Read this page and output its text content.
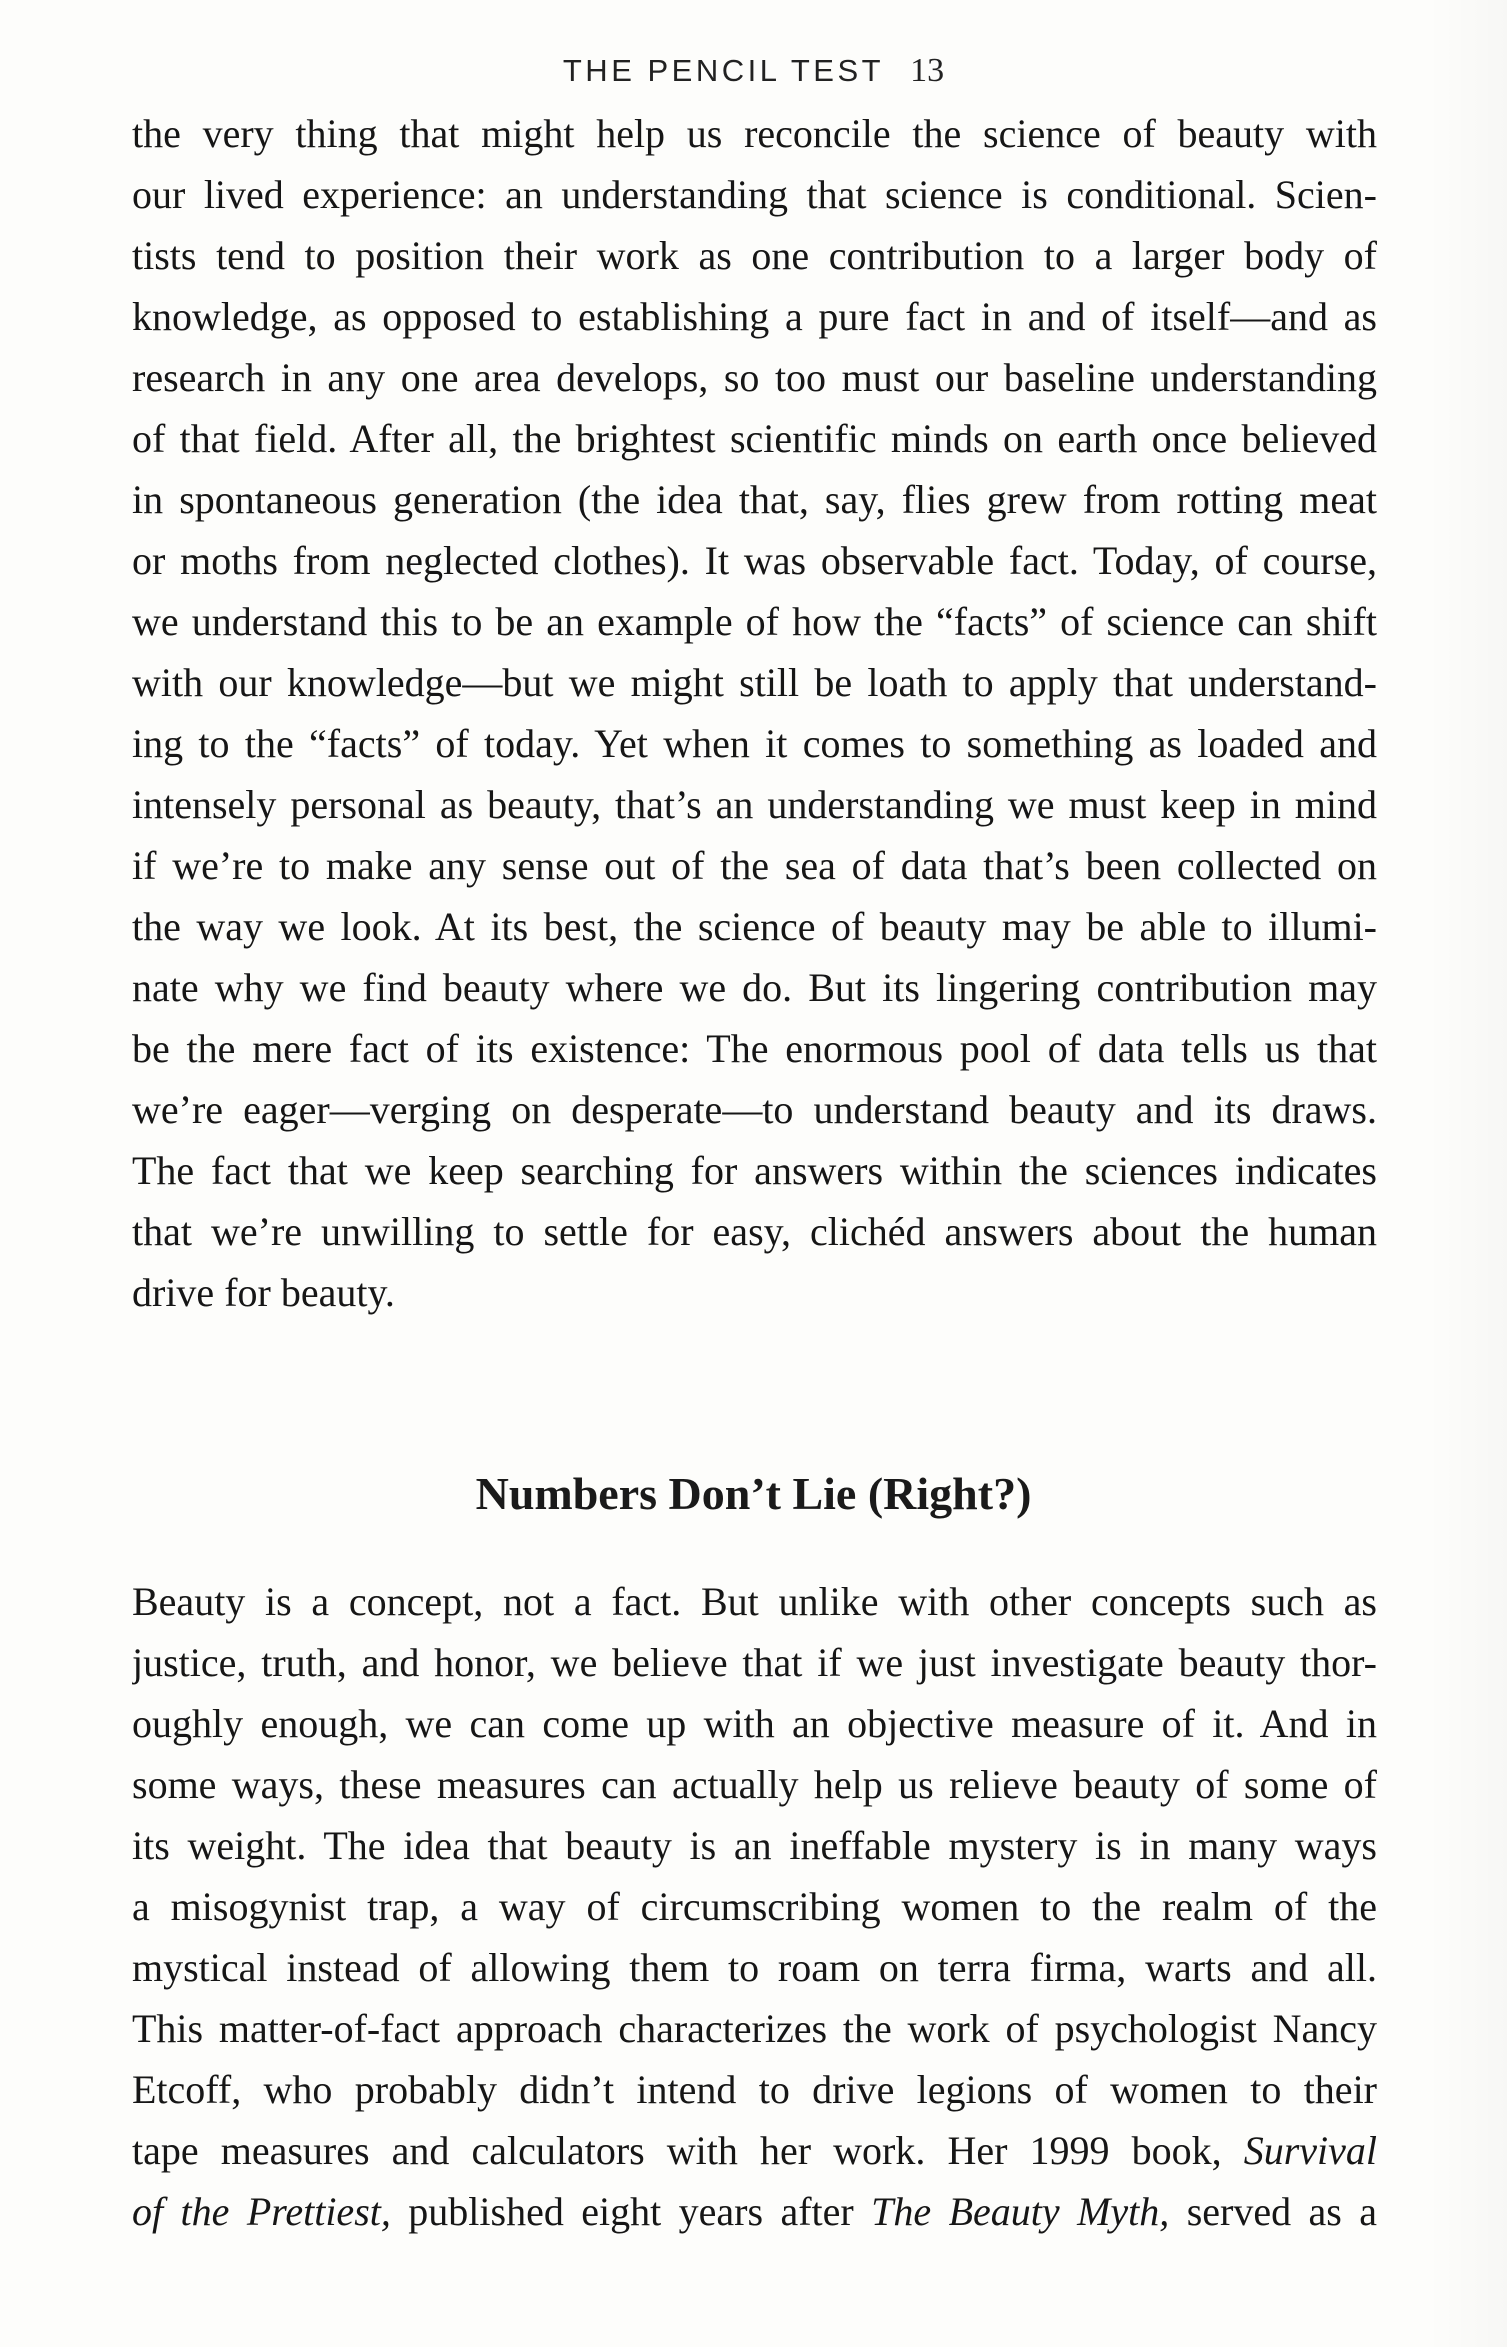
THE PENCIL TEST 13
the very thing that might help us reconcile the science of beauty with
our lived experience: an understanding that science is conditional. Scien-
tists tend to position their work as one contribution to a larger body of
knowledge, as opposed to establishing a pure fact in and of itself—and as
research in any one area develops, so too must our baseline understanding
of that field. After all, the brightest scientific minds on earth once believed
in spontaneous generation (the idea that, say, flies grew from rotting meat
or moths from neglected clothes). It was observable fact. Today, of course,
we understand this to be an example of how the “facts” of science can shift
with our knowledge—but we might still be loath to apply that understand-
ing to the “facts” of today. Yet when it comes to something as loaded and
intensely personal as beauty, that’s an understanding we must keep in mind
if we’re to make any sense out of the sea of data that’s been collected on
the way we look. At its best, the science of beauty may be able to illumi-
nate why we find beauty where we do. But its lingering contribution may
be the mere fact of its existence: The enormous pool of data tells us that
we’re eager—verging on desperate—to understand beauty and its draws.
The fact that we keep searching for answers within the sciences indicates
that we’re unwilling to settle for easy, clichéd answers about the human
drive for beauty.
Numbers Don’t Lie (Right?)
Beauty is a concept, not a fact. But unlike with other concepts such as
justice, truth, and honor, we believe that if we just investigate beauty thor-
oughly enough, we can come up with an objective measure of it. And in
some ways, these measures can actually help us relieve beauty of some of
its weight. The idea that beauty is an ineffable mystery is in many ways
a misogynist trap, a way of circumscribing women to the realm of the
mystical instead of allowing them to roam on terra firma, warts and all.
This matter-of-fact approach characterizes the work of psychologist Nancy
Etcoff, who probably didn’t intend to drive legions of women to their
tape measures and calculators with her work. Her 1999 book, Survival
of the Prettiest, published eight years after The Beauty Myth, served as a
